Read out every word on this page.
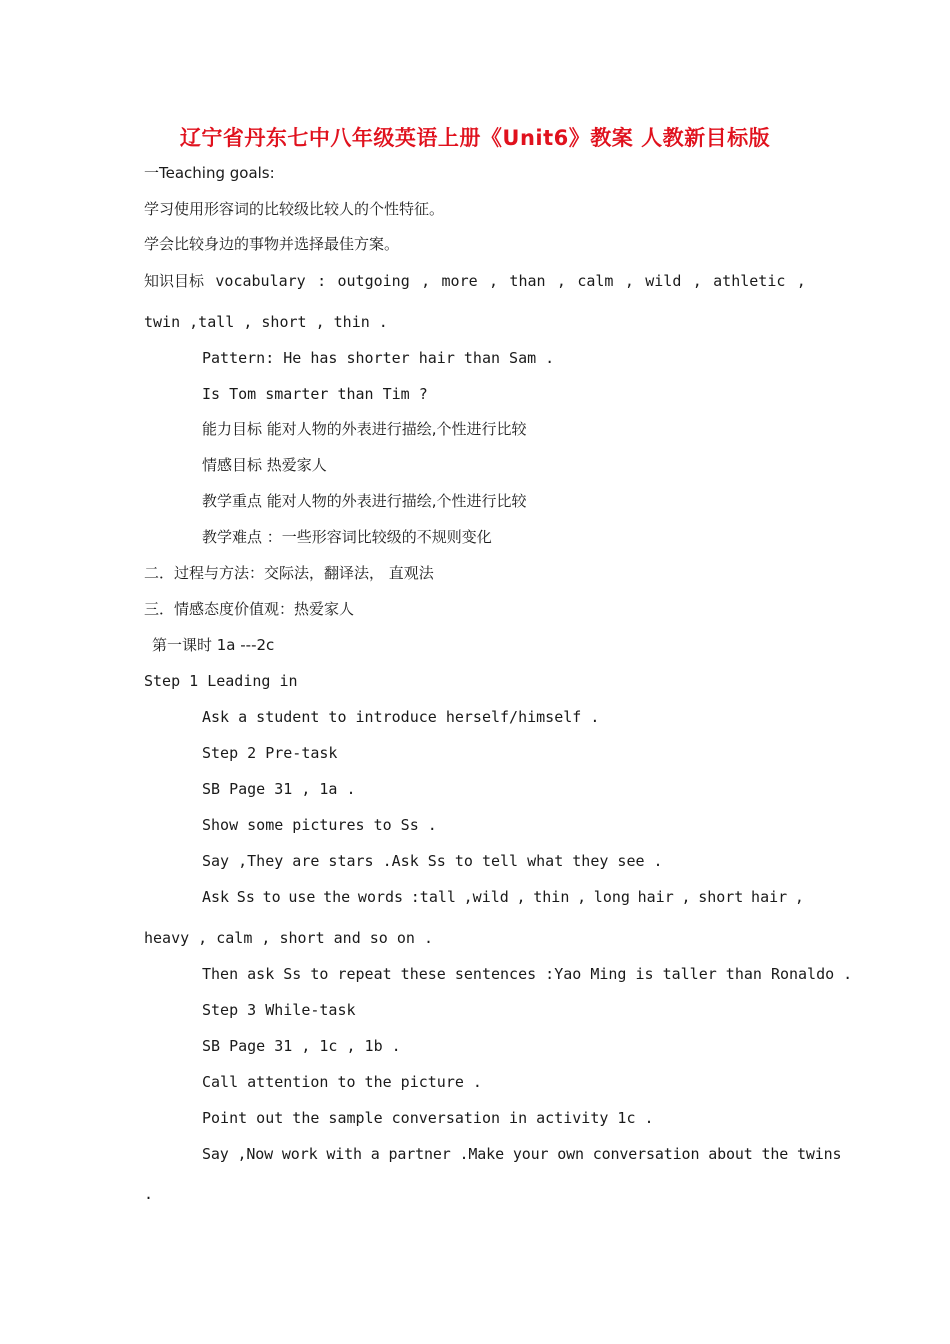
辽宁省丹东七中八年级英语上册《Unit6》教案 人教新目标版
一Teaching goals:
学习使用形容词的比较级比较人的个性特征。
学会比较身边的事物并选择最佳方案。
知识目标 vocabulary : outgoing , more , than , calm , wild , athletic ,
twin ,tall , short , thin .
Pattern: He has shorter hair than Sam .
Is Tom smarter than Tim ?
能力目标 能对人物的外表进行描绘,个性进行比较
情感目标 热爱家人
教学重点 能对人物的外表进行描绘,个性进行比较
教学难点 ：一些形容词比较级的不规则变化
二．过程与方法：交际法，翻译法， 直观法
三．情感态度价值观：热爱家人
第一课时 1a ---2c
Step 1 Leading in
Ask a student to introduce herself/himself .
Step 2 Pre-task
SB Page 31 , 1a .
Show some pictures to Ss .
Say ,They are stars .Ask Ss to tell what they see .
Ask Ss to use the words :tall ,wild , thin , long hair , short hair ,
heavy , calm , short and so on .
Then ask Ss to repeat these sentences :Yao Ming is taller than Ronaldo .
Step 3 While-task
SB Page 31 , 1c , 1b .
Call attention to the picture .
Point out the sample conversation in activity 1c .
Say ,Now work with a partner .Make your own conversation about the twins
.
